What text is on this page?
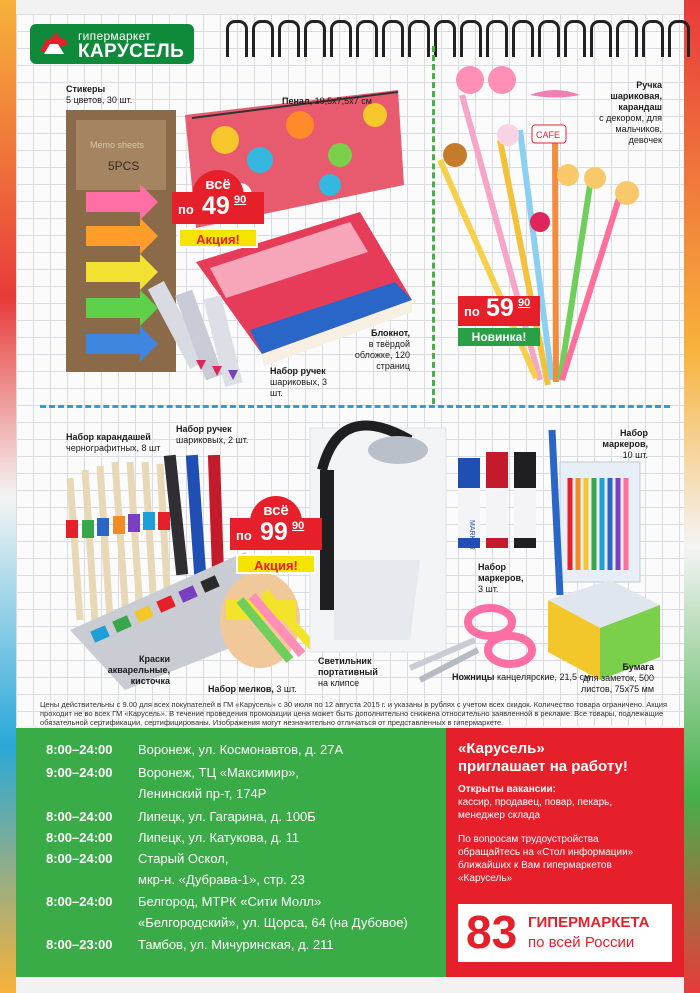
гипермаркет
КАРУСЕЛЬ
Memo sheets
5PCS
CAFE
MARKER
Стикеры
5 цветов, 30 шт.	Пенал, 19,5х7,5х7 см
Блокнот,
в твёрдой обложке, 120 страниц
Набор ручек
шариковых, 3 шт.
Ручка шариковая, карандаш
с декором, для мальчиков, девочек
Набор карандашей
чернографитных, 8 шт
Набор ручек
шариковых, 2 шт.
Набор маркеров,
10 шт.
Набор маркеров,
3 шт.
Краски акварельные, кисточка
Набор мелков, 3 шт.
Светильник портативный
на клипсе
Ножницы канцелярские, 21,5 см
Бумага
для заметок, 500 листов, 75х75 мм
всё
по 49 90
Акция!
по 59 90
Новинка!
всё
по 99 90
Акция!
Цены действительны с 9.00 для всех покупателей в ГМ «Карусель» с 30 июля по 12 августа 2015 г. и указаны в рублях с учетом всех скидок. Количество товара ограничено. Акция проходит не во всех ГМ «Карусель». В течение проведения промоакции цена может быть дополнительно снижена относительно заявленной в рекламе. Все товары, подлежащие обязательной сертификации, сертифицированы. Изображения могут незначительно отличаться от представленных в гипермаркете.
8:00–24:00	Воронеж, ул. Космонавтов, д. 27А
9:00–24:00	Воронеж, ТЦ «Максимир»,
Ленинский пр-т, 174Р
8:00–24:00	Липецк, ул. Гагарина, д. 100Б
8:00–24:00	Липецк, ул. Катукова, д. 11
8:00–24:00	Старый Оскол,
мкр-н. «Дубрава-1», стр. 23
8:00–24:00	Белгород, МТРК «Сити Молл»
«Белгородский», ул. Щорса, 64 (на Дубовое)
8:00–23:00	Тамбов, ул. Мичуринская, д. 211
«Карусель»
приглашает на работу!
Открыты вакансии:
кассир, продавец, повар, пекарь,
менеджер склада
По вопросам трудоустройства
обращайтесь на «Стол информации»
ближайших к Вам гипермаркетов
«Карусель»
83 ГИПЕРМАРКЕТА
по всей России
